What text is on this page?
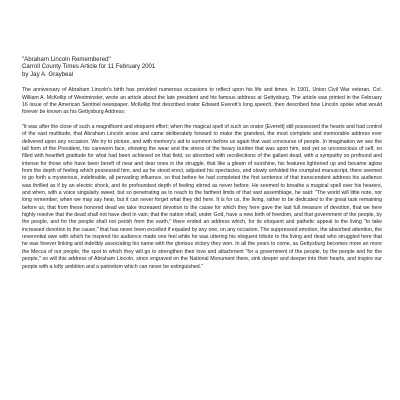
"Abraham Lincoln Remembered"

Carroll County Times Article for 11 February 2001

by Jay A. Graybeal

The anniversary of Abraham Lincoln's birth has provided numerous occasions to reflect upon his life and times. In 1901, Union Civil War veteran, Col. William A. McKellip of Westminster, wrote an article about the late president and his famous address at Gettysburg. The article was printed in the February 16 issue of the American Sentinel newspaper. McKellip first described orator Edward Everett's long speech, then described how Lincoln spoke what would forever be known as his Gettysburg Address:

"It was after the close of such a magnificent and eloquent effort; when the magical spell of such an orator [Everett] still possessed the hearts and had control of the vast multitude, that Abraham Lincoln arose and came deliberately forward to make the grandest, the most complete and memorable address ever delivered upon any occasion. We try to picture, and with memory's aid to summon before us again that vast concourse of people. In imagination we see the tall form of the President, his careworn face, showing the wear and the stress of the heavy burden that was upon him, and yet so unconscious of self, so filled with heartfelt gratitude for what had been achieved on that field, so absorbed with recollections of the gallant dead, with a sympathy so profound and intense for those who have been bereft of near and dear ones in the struggle, that like a gleam of sunshine, his features lightened up and became aglow from the depth of feeling which possessed him, and as he stood erect, adjusted his spectacles, and slowly unfolded the crumpled manuscript, there seemed to go forth a mysterious, indefinable, all pervading influence, so that before he had completed the first sentence of that transcendent address his audience was thrilled as if by an electric shock, and its profoundest depth of feeling stirred as never before. He seemed to breathe a magical spell over his hearers, and when, with a voice singularly sweet, but so penetrating as to reach to the farthest limits of that vast assemblage, he said: "The world will little note, nor long remember, when we may say hear, but it can never forget what they did here. It is for us, the living, rather to be dedicated to the great task remaining before us, that from these honored dead we take increased devotion to the cause for which they here gave the last full measure of devotion, that we here highly resolve that the dead shall not have died in vain; that the nation shall, under God, have a new birth of freedom, and that government of the people, by the people, and for the people shall not perish from the earth," there ended an address which, for its eloquent and pathetic appeal to the living "to take increased devotion to the cause," that has never been excelled if equaled by any one, on any occasion. The suppressed emotion, the absorbed attention, the reverential awe with which he inspired his audience made one feel while he was uttering his eloquent tribute to the living and dead who struggled here that he was forever linking and indelibly associating his name with the glorious victory they won. In all the years to come, as Gettysburg becomes more an more the Mecca of our people, the spot to which they will go to strengthen their love and attachment "for a government of the people, by the people and for the people," so will this address of Abraham Lincoln, since engraved on the National Monument there, sink deeper and deeper into their hearts, and inspire our people with a lofty ambition and a patriotism which can never be extinguished."
